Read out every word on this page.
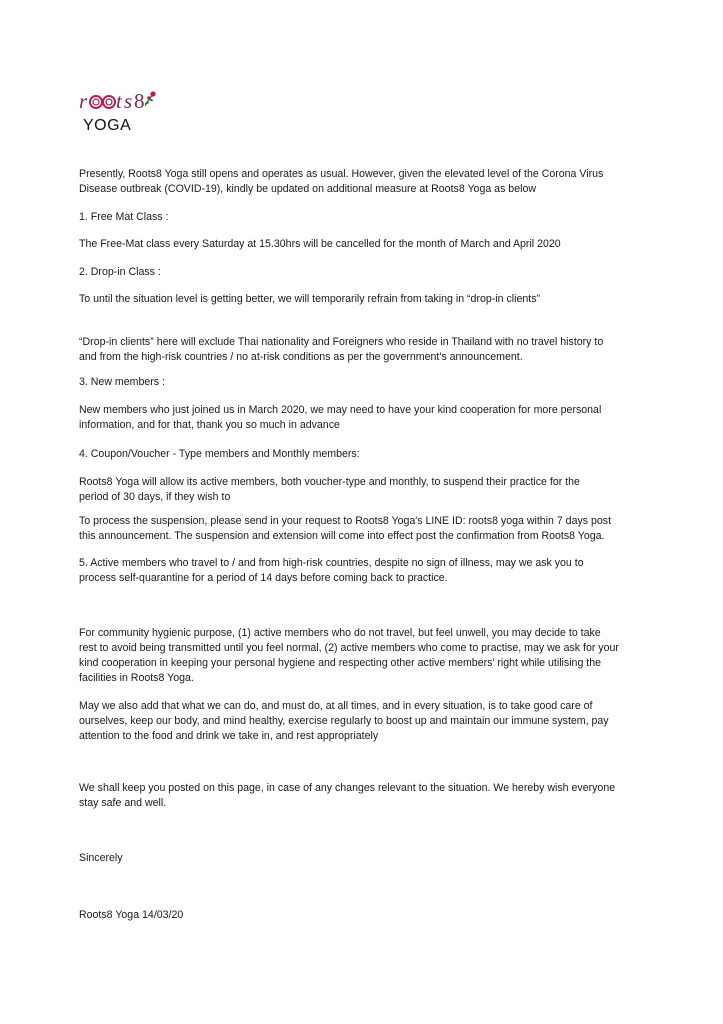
r t s 8
YOGA

Presently, Roots8 Yoga still opens and operates as usual. However, given the elevated level of the Corona Virus
Disease outbreak (COVID-19), kindly be updated on additional measure at Roots8 Yoga as below

1. Free Mat Class :

The Free-Mat class every Saturday at 15.30hrs will be cancelled for the month of March and April 2020

2. Drop-in Class :

To until the situation level is getting better, we will temporarily refrain from taking in “drop-in clients”

“Drop-in clients” here will exclude Thai nationality and Foreigners who reside in Thailand with no travel history to
and from the high-risk countries / no at-risk conditions as per the government's announcement.

3. New members :

New members who just joined us in March 2020, we may need to have your kind cooperation for more personal
information, and for that, thank you so much in advance

4. Coupon/Voucher - Type members and Monthly members:

Roots8 Yoga will allow its active members, both voucher-type and monthly, to suspend their practice for the
period of 30 days, if they wish to

To process the suspension, please send in your request to Roots8 Yoga's LINE ID: roots8 yoga within 7 days post
this announcement. The suspension and extension will come into effect post the confirmation from Roots8 Yoga.

5. Active members who travel to / and from high-risk countries, despite no sign of illness, may we ask you to
process self-quarantine for a period of 14 days before coming back to practice.

For community hygienic purpose, (1) active members who do not travel, but feel unwell, you may decide to take
rest to avoid being transmitted until you feel normal, (2) active members who come to practise, may we ask for your
kind cooperation in keeping your personal hygiene and respecting other active members' right while utilising the
facilities in Roots8 Yoga.

May we also add that what we can do, and must do, at all times, and in every situation, is to take good care of
ourselves, keep our body, and mind healthy, exercise regularly to boost up and maintain our immune system, pay
attention to the food and drink we take in, and rest appropriately

We shall keep you posted on this page, in case of any changes relevant to the situation. We hereby wish everyone
stay safe and well.

Sincerely

Roots8 Yoga 14/03/20
